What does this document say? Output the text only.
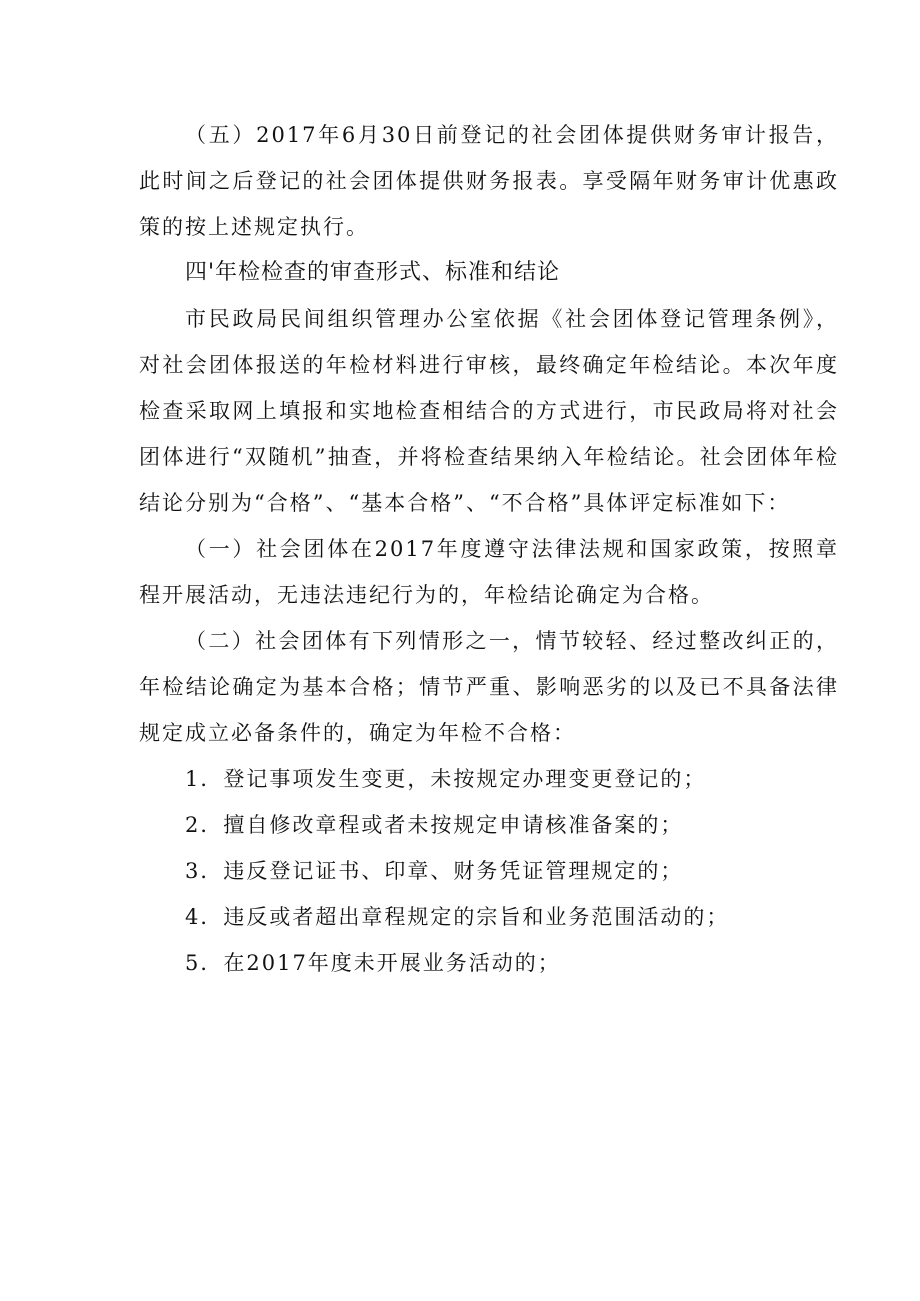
（五）2017年6月30日前登记的社会团体提供财务审计报告，此时间之后登记的社会团体提供财务报表。享受隔年财务审计优惠政策的按上述规定执行。

四'年检检查的审查形式、标准和结论

市民政局民间组织管理办公室依据《社会团体登记管理条例》，对社会团体报送的年检材料进行审核，最终确定年检结论。本次年度检查采取网上填报和实地检查相结合的方式进行，市民政局将对社会团体进行“双随机”抽查，并将检查结果纳入年检结论。社会团体年检结论分别为“合格”、“基本合格”、“不合格”具体评定标准如下：

（一）社会团体在2017年度遵守法律法规和国家政策，按照章程开展活动，无违法违纪行为的，年检结论确定为合格。

（二）社会团体有下列情形之一，情节较轻、经过整改纠正的，年检结论确定为基本合格；情节严重、影响恶劣的以及已不具备法律规定成立必备条件的，确定为年检不合格：

1．登记事项发生变更，未按规定办理变更登记的；

2．擅自修改章程或者未按规定申请核准备案的；

3．违反登记证书、印章、财务凭证管理规定的；

4．违反或者超出章程规定的宗旨和业务范围活动的；

5．在2017年度未开展业务活动的；
